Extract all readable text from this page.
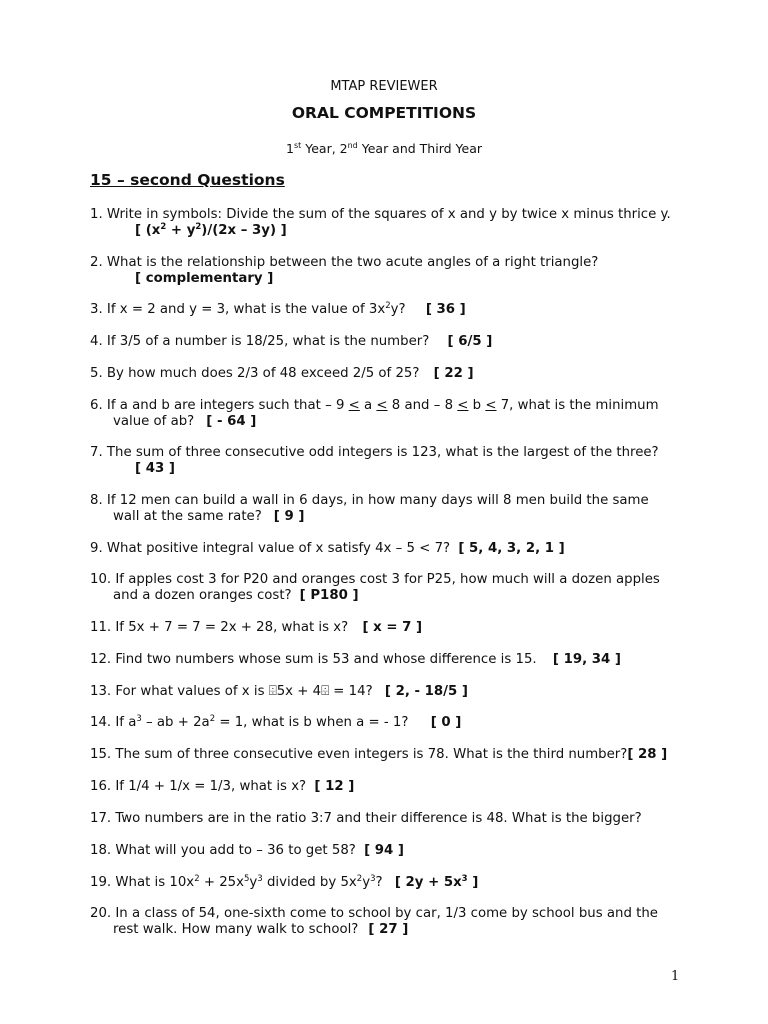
MTAP REVIEWER
ORAL COMPETITIONS
1st Year, 2nd Year and Third Year
15 – second Questions
1. Write in symbols: Divide the sum of the squares of x and y by twice x minus thrice y.
[ $(x^2 + y^2)/(2x - 3y)$ ]
2. What is the relationship between the two acute angles of a right triangle?
[ complementary ]
3. If x = 2 and y = 3, what is the value of $3x^2y$? [ 36 ]
4. If 3/5 of a number is 18/25, what is the number? [ 6/5 ]
5. By how much does 2/3 of 48 exceed 2/5 of 25? [ 22 ]
6. If a and b are integers such that – 9 < a < 8 and – 8 < b < 7, what is the minimum
value of ab? [ - 64 ]
7. The sum of three consecutive odd integers is 123, what is the largest of the three?
[ 43 ]
8. If 12 men can build a wall in 6 days, in how many days will 8 men build the same
wall at the same rate? [ 9 ]
9. What positive integral value of x satisfy 4x – 5 < 7? [ 5, 4, 3, 2, 1 ]
10. If apples cost 3 for P20 and oranges cost 3 for P25, how much will a dozen apples
and a dozen oranges cost? [ P180 ]
11. If 5x + 7 = 7 = 2x + 28, what is x? [ x = 7 ]
12. Find two numbers whose sum is 53 and whose difference is 15. [ 19, 34 ]
13. For what values of x is ⌹5x + 4⌹ = 14? [ 2, - 18/5 ]
14. If $a^3$ – ab + $2a^2 = 1$, what is b when a = - 1? [ 0 ]
15. The sum of three consecutive even integers is 78. What is the third number?[ 28 ]
16. If 1/4 + 1/x = 1/3, what is x? [ 12 ]
17. Two numbers are in the ratio 3:7 and their difference is 48. What is the bigger?
18. What will you add to – 36 to get 58? [ 94 ]
19. What is $10x^2 + 25x^5y^3$ divided by $5x^2y^3$? [ $2y + 5x^3$ ]
20. In a class of 54, one-sixth come to school by car, 1/3 come by school bus and the
rest walk. How many walk to school? [ 27 ]
1
